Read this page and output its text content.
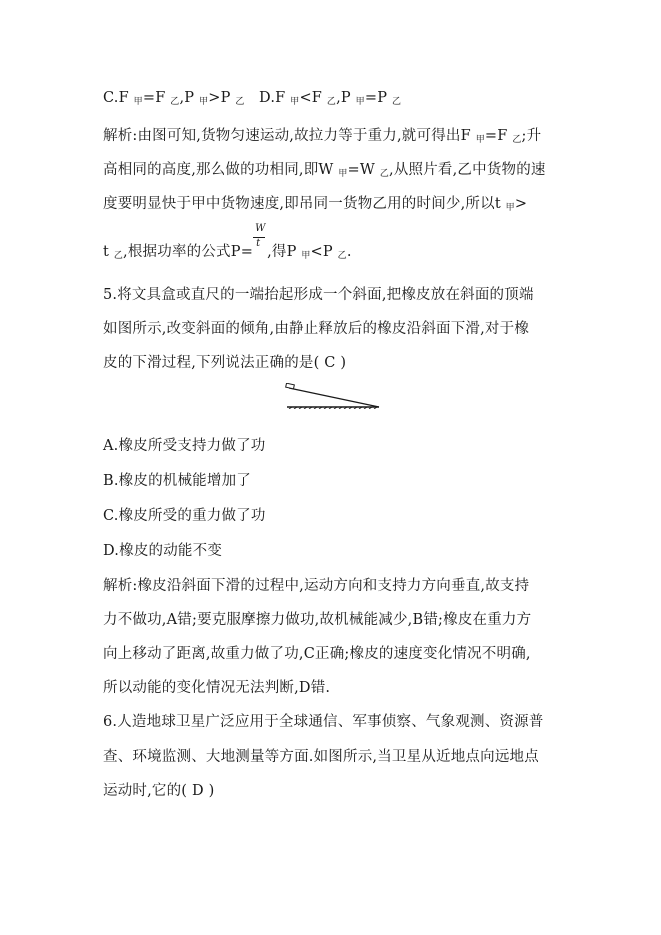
C.F 甲=F 乙,P 甲>P 乙   D.F 甲<F 乙,P 甲=P 乙
解析:由图可知,货物匀速运动,故拉力等于重力,就可得出F 甲=F 乙;升
高相同的高度,那么做的功相同,即W 甲=W 乙,从照片看,乙中货物的速
度要明显快于甲中货物速度,即吊同一货物乙用的时间少,所以t 甲>
t 乙,根据功率的公式$P= \frac{W}{t}$ ,得P 甲<P 乙.
5.将文具盒或直尺的一端抬起形成一个斜面,把橡皮放在斜面的顶端
如图所示,改变斜面的倾角,由静止释放后的橡皮沿斜面下滑,对于橡
皮的下滑过程,下列说法正确的是( C )
A.橡皮所受支持力做了功
B.橡皮的机械能增加了
C.橡皮所受的重力做了功
D.橡皮的动能不变
解析:橡皮沿斜面下滑的过程中,运动方向和支持力方向垂直,故支持
力不做功,A错;要克服摩擦力做功,故机械能减少,B错;橡皮在重力方
向上移动了距离,故重力做了功,C正确;橡皮的速度变化情况不明确,
所以动能的变化情况无法判断,D错.
6.人造地球卫星广泛应用于全球通信、军事侦察、气象观测、资源普
查、环境监测、大地测量等方面.如图所示,当卫星从近地点向远地点
运动时,它的( D )
